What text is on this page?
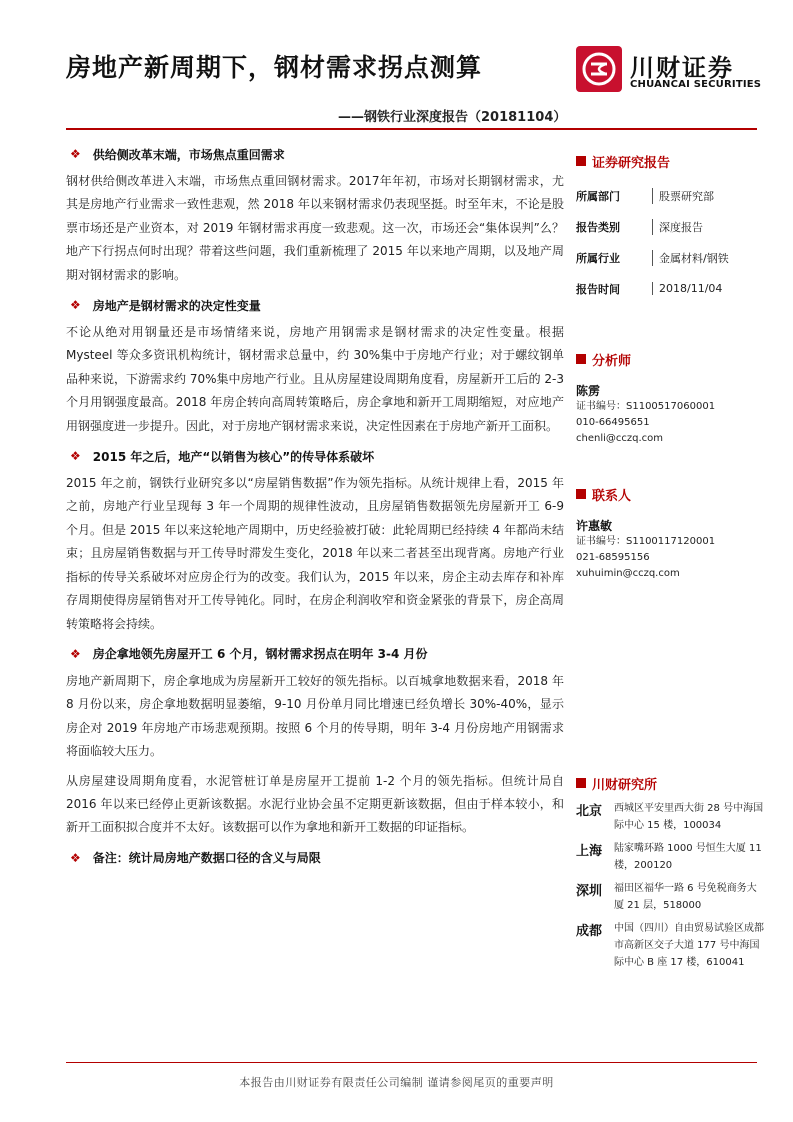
房地产新周期下，钢材需求拐点测算
——钢铁行业深度报告（20181104）
川财证券
CHUANCAI SECURITIES
❖ 供给侧改革末端，市场焦点重回需求
钢材供给侧改革进入末端，市场焦点重回钢材需求。2017年年初，市场对长期钢材需求，尤其是房地产行业需求一致性悲观，然 2018 年以来钢材需求仍表现坚挺。时至年末，不论是股票市场还是产业资本，对 2019 年钢材需求再度一致悲观。这一次，市场还会“集体误判”么？地产下行拐点何时出现？带着这些问题，我们重新梳理了 2015 年以来地产周期，以及地产周期对钢材需求的影响。
❖ 房地产是钢材需求的决定性变量
不论从绝对用钢量还是市场情绪来说，房地产用钢需求是钢材需求的决定性变量。根据 Mysteel 等众多资讯机构统计，钢材需求总量中，约 30%集中于房地产行业；对于螺纹钢单品种来说，下游需求约 70%集中房地产行业。且从房屋建设周期角度看，房屋新开工后的 2-3 个月用钢强度最高。2018 年房企转向高周转策略后，房企拿地和新开工周期缩短，对应地产用钢强度进一步提升。因此，对于房地产钢材需求来说，决定性因素在于房地产新开工面积。
❖ 2015 年之后，地产“以销售为核心”的传导体系破坏
2015 年之前，钢铁行业研究多以“房屋销售数据”作为领先指标。从统计规律上看，2015 年之前，房地产行业呈现每 3 年一个周期的规律性波动，且房屋销售数据领先房屋新开工 6-9 个月。但是 2015 年以来这轮地产周期中，历史经验被打破：此轮周期已经持续 4 年都尚未结束；且房屋销售数据与开工传导时滞发生变化，2018 年以来二者甚至出现背离。房地产行业指标的传导关系破坏对应房企行为的改变。我们认为，2015 年以来，房企主动去库存和补库存周期使得房屋销售对开工传导钝化。同时，在房企利润收窄和资金紧张的背景下，房企高周转策略将会持续。
❖ 房企拿地领先房屋开工 6 个月，钢材需求拐点在明年 3-4 月份
房地产新周期下，房企拿地成为房屋新开工较好的领先指标。以百城拿地数据来看，2018 年 8 月份以来，房企拿地数据明显萎缩，9-10 月份单月同比增速已经负增长 30%-40%，显示房企对 2019 年房地产市场悲观预期。按照 6 个月的传导期，明年 3-4 月份房地产用钢需求将面临较大压力。
从房屋建设周期角度看，水泥管桩订单是房屋开工提前 1-2 个月的领先指标。但统计局自 2016 年以来已经停止更新该数据。水泥行业协会虽不定期更新该数据，但由于样本较小，和新开工面积拟合度并不太好。该数据可以作为拿地和新开工数据的印证指标。
❖ 备注：统计局房地产数据口径的含义与局限
证券研究报告
所属部门	股票研究部
报告类别	深度报告
所属行业	金属材料/钢铁
报告时间	2018/11/04
分析师
陈雳
证书编号：S1100517060001
010-66495651
chenli@cczq.com
联系人
许惠敏
证书编号：S1100117120001
021-68595156
xuhuimin@cczq.com
川财研究所
北京	西城区平安里西大街 28 号中海国际中心 15 楼，100034
上海	陆家嘴环路 1000 号恒生大厦 11 楼，200120
深圳	福田区福华一路 6 号免税商务大厦 21 层，518000
成都	中国（四川）自由贸易试验区成都市高新区交子大道 177 号中海国际中心 B 座 17 楼，610041
本报告由川财证券有限责任公司编制 谨请参阅尾页的重要声明
